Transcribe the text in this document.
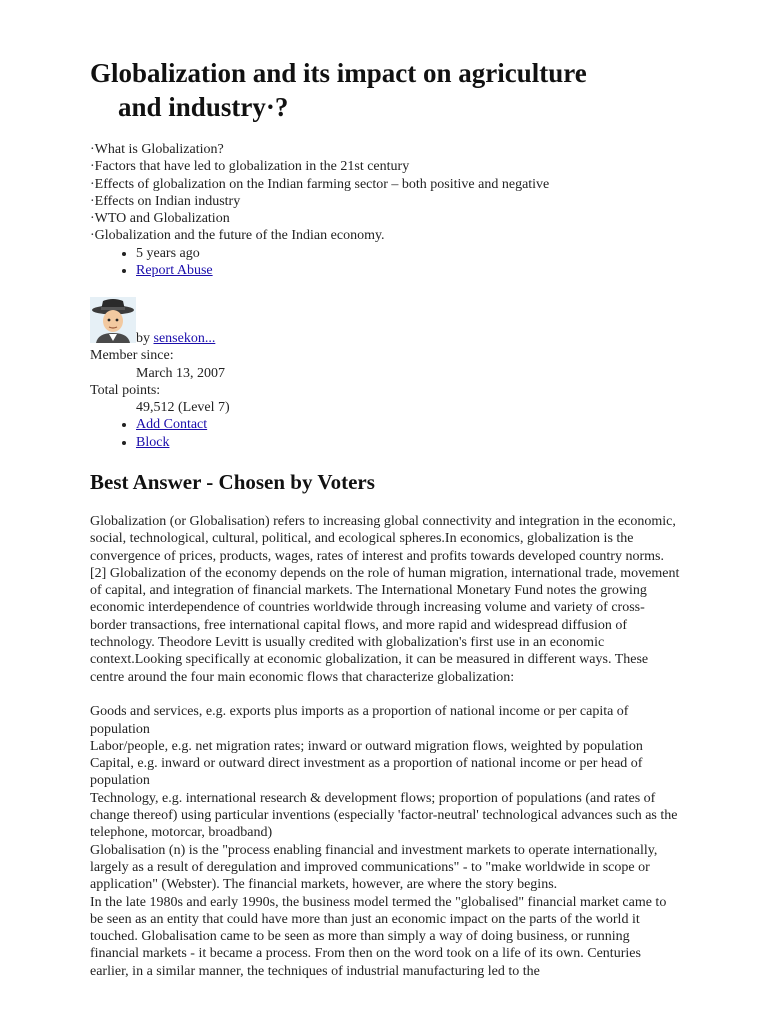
Globalization and its impact on agriculture
and industry·?
·What is Globalization?
·Factors that have led to globalization in the 21st century
·Effects of globalization on the Indian farming sector – both positive and negative
·Effects on Indian industry
·WTO and Globalization
·Globalization and the future of the Indian economy.
• 5 years ago
• Report Abuse
by sensekon...
Member since:
March 13, 2007
Total points:
49,512 (Level 7)
• Add Contact
• Block
Best Answer - Chosen by Voters

Globalization (or Globalisation) refers to increasing global connectivity and integration in the economic, social, technological, cultural, political, and ecological spheres.In economics, globalization is the convergence of prices, products, wages, rates of interest and profits towards developed country norms.[2] Globalization of the economy depends on the role of human migration, international trade, movement of capital, and integration of financial markets. The International Monetary Fund notes the growing economic interdependence of countries worldwide through increasing volume and variety of cross-border transactions, free international capital flows, and more rapid and widespread diffusion of technology. Theodore Levitt is usually credited with globalization's first use in an economic context.Looking specifically at economic globalization, it can be measured in different ways. These centre around the four main economic flows that characterize globalization:

Goods and services, e.g. exports plus imports as a proportion of national income or per capita of population

Labor/people, e.g. net migration rates; inward or outward migration flows, weighted by population Capital, e.g. inward or outward direct investment as a proportion of national income or per head of population

Technology, e.g. international research & development flows; proportion of populations (and rates of change thereof) using particular inventions (especially 'factor-neutral' technological advances such as the telephone, motorcar, broadband)

Globalisation (n) is the "process enabling financial and investment markets to operate internationally, largely as a result of deregulation and improved communications" - to "make worldwide in scope or application" (Webster). The financial markets, however, are where the story begins.

In the late 1980s and early 1990s, the business model termed the "globalised" financial market came to be seen as an entity that could have more than just an economic impact on the parts of the world it touched. Globalisation came to be seen as more than simply a way of doing business, or running financial markets - it became a process. From then on the word took on a life of its own. Centuries earlier, in a similar manner, the techniques of industrial manufacturing led to the
